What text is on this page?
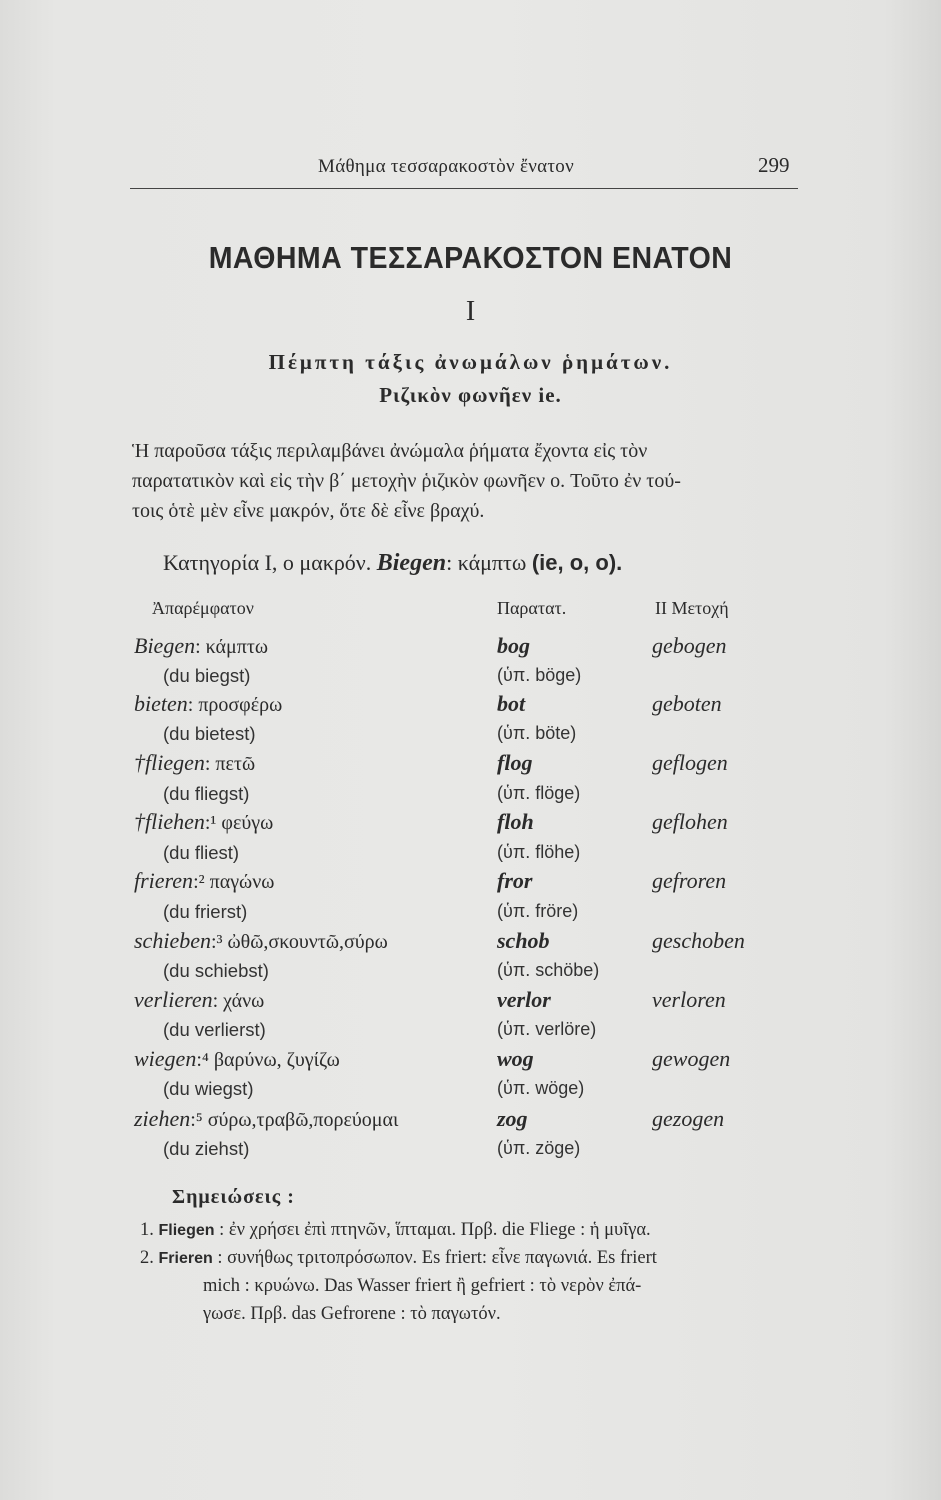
Μάθημα τεσσαρακοστὸν ἔνατον	299
ΜΑΘΗΜΑ ΤΕΣΣΑΡΑΚΟΣΤΟΝ ΕΝΑΤΟΝ
I
Πέμπτη τάξις ἀνωμάλων ῥημάτων.
Ριζικὸν φωνῆεν ie.
Ἡ παροῦσα τάξις περιλαμβάνει ἀνώμαλα ῥήματα ἔχοντα εἰς τὸν
παρατατικὸν καὶ εἰς τὴν β΄ μετοχὴν ῥιζικὸν φωνῆεν o. Τοῦτο ἐν τού-
τοις ὁτὲ μὲν εἶνε μακρόν, ὅτε δὲ εἶνε βραχύ.
Κατηγορία I, o μακρόν. Biegen: κάμπτω (ie, o, o).
Ἀπαρέμφατον	Παρατατ.	II Μετοχή
Biegen: κάμπτω	bog	gebogen
(du biegst)	(ὑπ. böge)
bieten: προσφέρω	bot	geboten
(du bietest)	(ὑπ. böte)
†fliegen: πετῶ	flog	geflogen
(du fliegst)	(ὑπ. flöge)
†fliehen:¹ φεύγω	floh	geflohen
(du fliest)	(ὑπ. flöhe)
frieren:² παγώνω	fror	gefroren
(du frierst)	(ὑπ. fröre)
schieben:³ ὠθῶ,σκουντῶ,σύρω	schob	geschoben
(du schiebst)	(ὑπ. schöbe)
verlieren: χάνω	verlor	verloren
(du verlierst)	(ὑπ. verlöre)
wiegen:⁴ βαρύνω, ζυγίζω	wog	gewogen
(du wiegst)	(ὑπ. wöge)
ziehen:⁵ σύρω,τραβῶ,πορεύομαι	zog	gezogen
(du ziehst)	(ὑπ. zöge)
Σημειώσεις :
1. Fliegen : ἐν χρήσει ἐπὶ πτηνῶν, ἵπταμαι. Πρβ. die Fliege : ἡ μυῖγα.
2. Frieren : συνήθως τριτοπρόσωπον. Es friert: εἶνε παγωνιά. Es friert
mich : κρυώνω. Das Wasser friert ἢ gefriert : τὸ νερὸν ἐπά-
γωσε. Πρβ. das Gefrorene : τὸ παγωτόν.
